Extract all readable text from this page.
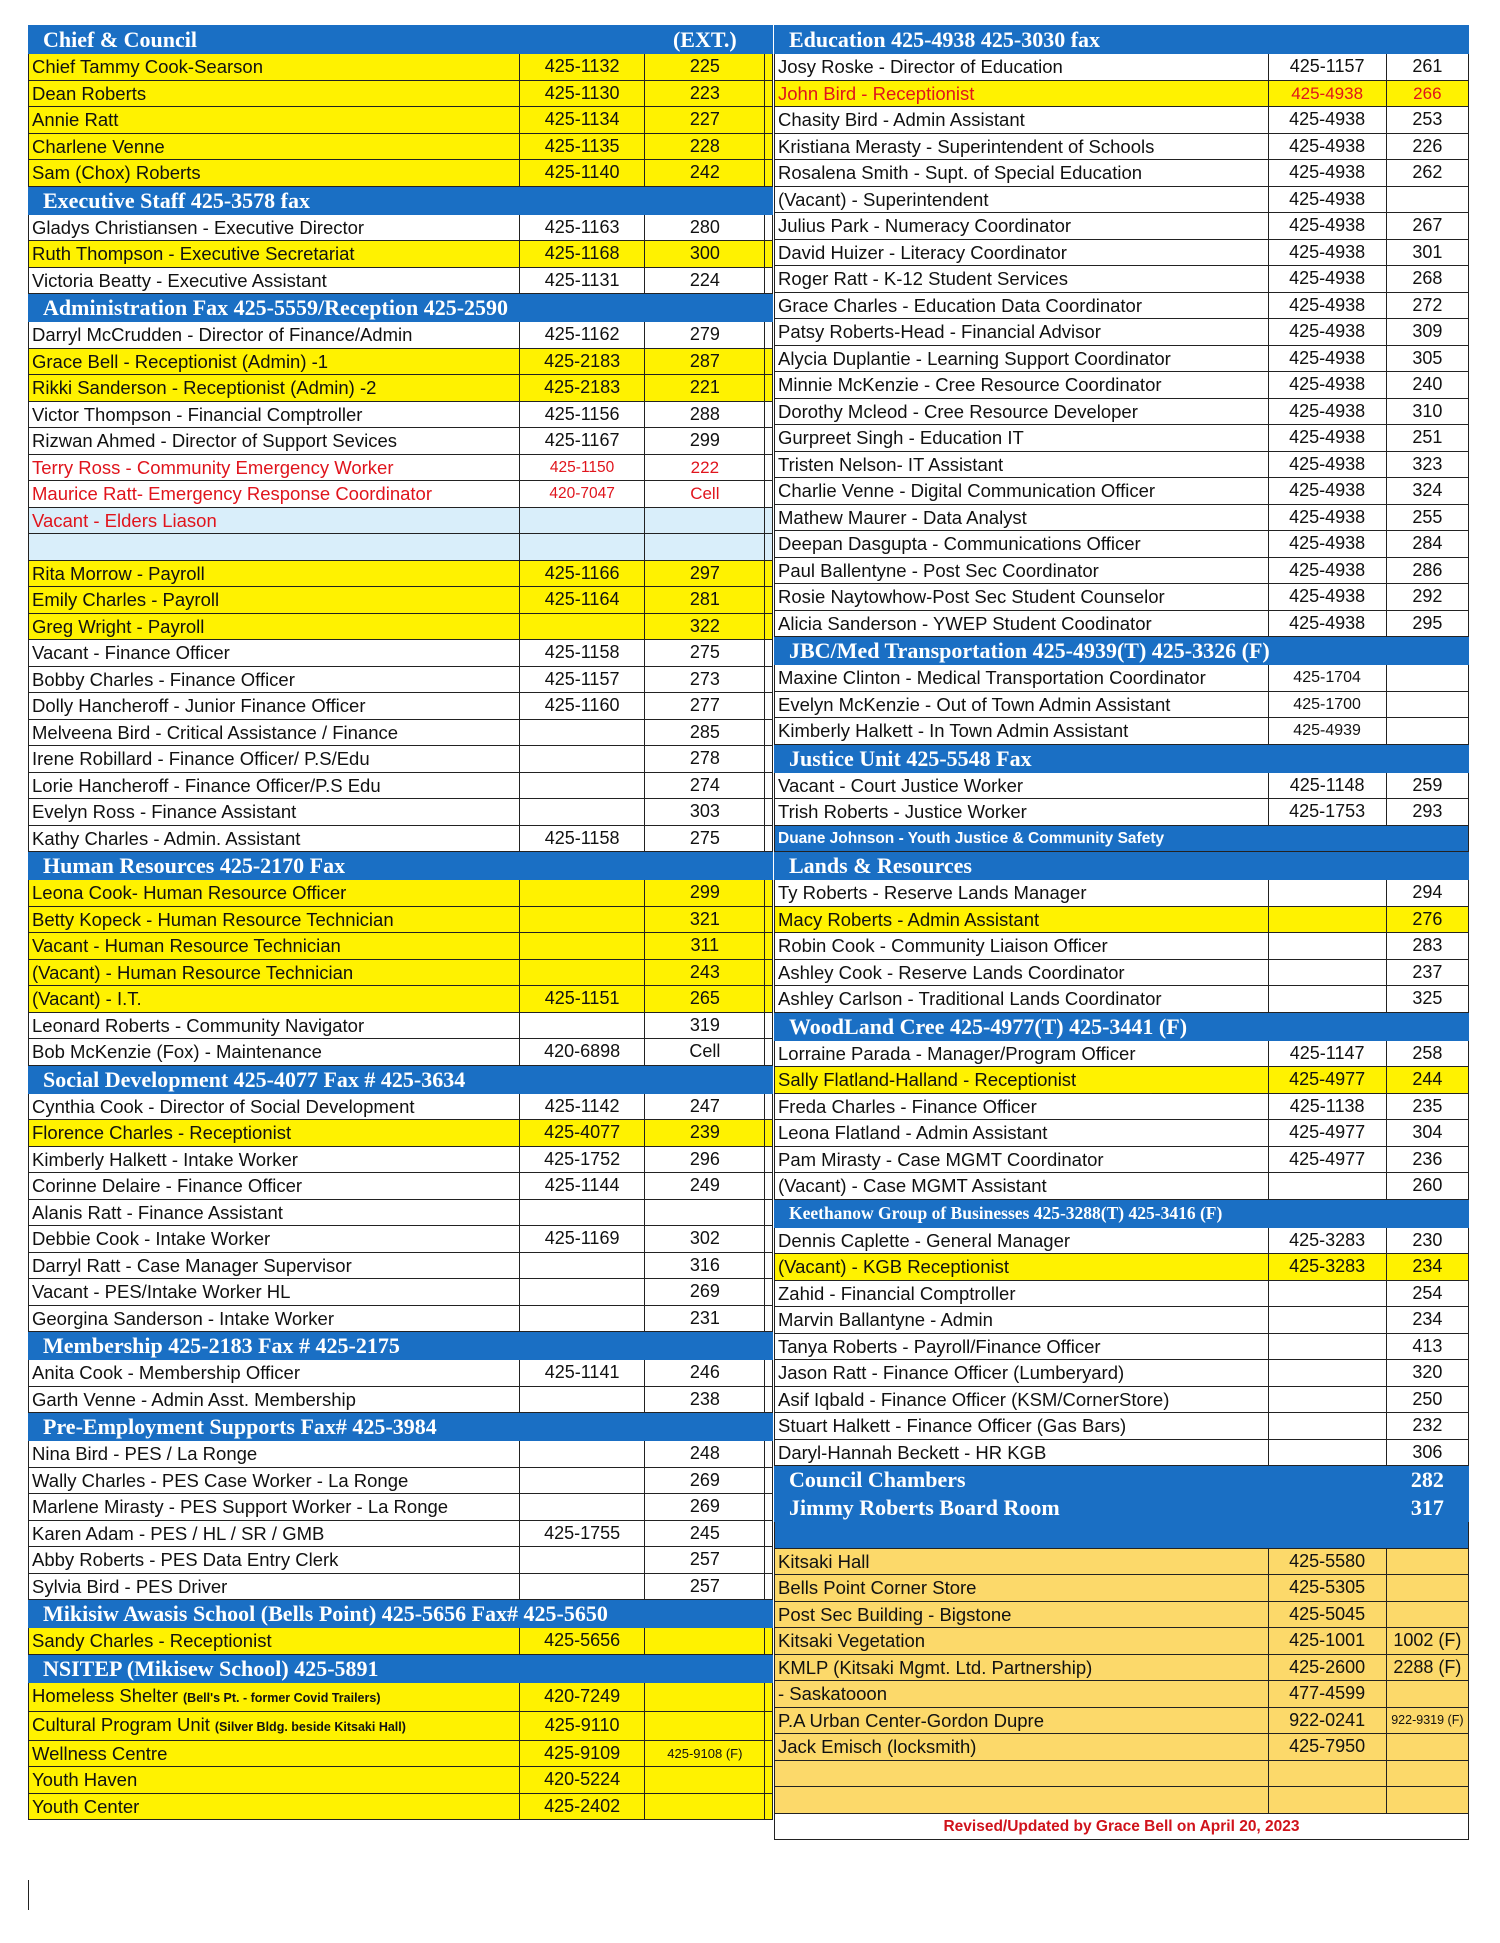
Chief & Council		(EXT.)	
Chief Tammy Cook-Searson	425-1132	225	
Dean Roberts	425-1130	223	
Annie Ratt	425-1134	227	
Charlene Venne	425-1135	228	
Sam (Chox) Roberts	425-1140	242	
Executive Staff 425-3578 fax			
Gladys Christiansen - Executive Director	425-1163	280	
Ruth Thompson - Executive Secretariat	425-1168	300	
Victoria Beatty - Executive Assistant	425-1131	224	
Administration Fax 425-5559/Reception 425-2590			
Darryl McCrudden - Director of Finance/Admin	425-1162	279	
Grace Bell - Receptionist (Admin) -1	425-2183	287	
Rikki Sanderson - Receptionist (Admin) -2	425-2183	221	
Victor Thompson - Financial Comptroller	425-1156	288	
Rizwan Ahmed - Director of Support Sevices	425-1167	299	
Terry Ross - Community Emergency Worker	425-1150	222	
Maurice Ratt- Emergency Response Coordinator	420-7047	Cell	
Vacant - Elders Liason			

Rita Morrow - Payroll	425-1166	297	
Emily Charles - Payroll	425-1164	281	
Greg Wright - Payroll		322	
Vacant - Finance Officer	425-1158	275	
Bobby Charles - Finance Officer	425-1157	273	
Dolly Hancheroff - Junior Finance Officer	425-1160	277	
Melveena Bird - Critical Assistance / Finance		285	
Irene Robillard - Finance Officer/ P.S/Edu		278	
Lorie Hancheroff - Finance Officer/P.S Edu		274	
Evelyn Ross - Finance Assistant		303	
Kathy Charles - Admin. Assistant	425-1158	275	
Human Resources 425-2170 Fax			
Leona Cook- Human Resource Officer		299	
Betty Kopeck - Human Resource Technician		321	
Vacant - Human Resource Technician		311	
(Vacant) - Human Resource Technician		243	
(Vacant) - I.T.	425-1151	265	
Leonard Roberts - Community Navigator		319	
Bob McKenzie (Fox) - Maintenance	420-6898	Cell	
Social Development 425-4077 Fax # 425-3634			
Cynthia Cook - Director of Social Development	425-1142	247	
Florence Charles - Receptionist	425-4077	239	
Kimberly Halkett - Intake Worker	425-1752	296	
Corinne Delaire - Finance Officer	425-1144	249	
Alanis Ratt - Finance Assistant			
Debbie Cook - Intake Worker	425-1169	302	
Darryl Ratt - Case Manager Supervisor		316	
Vacant - PES/Intake Worker HL		269	
Georgina Sanderson - Intake Worker		231	
Membership 425-2183 Fax # 425-2175			
Anita Cook - Membership Officer	425-1141	246	
Garth Venne - Admin Asst. Membership		238	
Pre-Employment Supports Fax# 425-3984			
Nina Bird - PES / La Ronge		248	
Wally Charles - PES Case Worker - La Ronge		269	
Marlene Mirasty - PES Support Worker - La Ronge		269	
Karen Adam - PES / HL / SR / GMB	425-1755	245	
Abby Roberts - PES Data Entry Clerk		257	
Sylvia Bird - PES Driver		257	
Mikisiw Awasis School (Bells Point) 425-5656 Fax# 425-5650			
Sandy Charles - Receptionist	425-5656		
NSITEP (Mikisew School) 425-5891			
Homeless Shelter (Bell's Pt. - former Covid Trailers)	420-7249		
Cultural Program Unit (Silver Bldg. beside Kitsaki Hall)	425-9110		
Wellness Centre	425-9109	425-9108 (F)	
Youth Haven	420-5224		
Youth Center	425-2402		
Education 425-4938 425-3030 fax		
Josy Roske - Director of Education	425-1157	261
John Bird - Receptionist	425-4938	266
Chasity Bird - Admin Assistant	425-4938	253
Kristiana Merasty - Superintendent of Schools	425-4938	226
Rosalena Smith - Supt. of Special Education	425-4938	262
(Vacant) - Superintendent	425-4938	
Julius Park - Numeracy Coordinator	425-4938	267
David Huizer - Literacy Coordinator	425-4938	301
Roger Ratt - K-12 Student Services	425-4938	268
Grace Charles - Education Data Coordinator	425-4938	272
Patsy Roberts-Head - Financial Advisor	425-4938	309
Alycia Duplantie - Learning Support Coordinator	425-4938	305
Minnie McKenzie - Cree Resource Coordinator	425-4938	240
Dorothy Mcleod - Cree Resource Developer	425-4938	310
Gurpreet Singh - Education IT	425-4938	251
Tristen Nelson- IT Assistant	425-4938	323
Charlie Venne - Digital Communication Officer	425-4938	324
Mathew Maurer - Data Analyst	425-4938	255
Deepan Dasgupta - Communications Officer	425-4938	284
Paul Ballentyne - Post Sec Coordinator	425-4938	286
Rosie Naytowhow-Post Sec Student Counselor	425-4938	292
Alicia Sanderson - YWEP Student Coodinator	425-4938	295
JBC/Med Transportation 425-4939(T) 425-3326 (F)		
Maxine Clinton - Medical Transportation Coordinator	425-1704	
Evelyn McKenzie - Out of Town Admin Assistant	425-1700	
Kimberly Halkett - In Town Admin Assistant	425-4939	
Justice Unit 425-5548 Fax		
Vacant - Court Justice Worker	425-1148	259
Trish Roberts - Justice Worker	425-1753	293
Duane Johnson - Youth Justice & Community Safety		
Lands & Resources		
Ty Roberts - Reserve Lands Manager		294
Macy Roberts - Admin Assistant		276
Robin Cook - Community Liaison Officer		283
Ashley Cook - Reserve Lands Coordinator		237
Ashley Carlson - Traditional Lands Coordinator		325
WoodLand Cree 425-4977(T) 425-3441 (F)		
Lorraine Parada - Manager/Program Officer	425-1147	258
Sally Flatland-Halland - Receptionist	425-4977	244
Freda Charles - Finance Officer	425-1138	235
Leona Flatland - Admin Assistant	425-4977	304
Pam Mirasty - Case MGMT Coordinator	425-4977	236
(Vacant) - Case MGMT Assistant		260
Keethanow Group of Businesses 425-3288(T) 425-3416 (F)		
Dennis Caplette - General Manager	425-3283	230
(Vacant) - KGB Receptionist	425-3283	234
Zahid - Financial Comptroller		254
Marvin Ballantyne - Admin		234
Tanya Roberts - Payroll/Finance Officer		413
Jason Ratt - Finance Officer (Lumberyard)		320
Asif Iqbald - Finance Officer (KSM/CornerStore)		250
Stuart Halkett - Finance Officer (Gas Bars)		232
Daryl-Hannah Beckett - HR KGB		306
Council Chambers		282
Jimmy Roberts Board Room		317

Kitsaki Hall	425-5580	
Bells Point Corner Store	425-5305	
Post Sec Building - Bigstone	425-5045	
Kitsaki Vegetation	425-1001	1002 (F)
KMLP (Kitsaki Mgmt. Ltd. Partnership)	425-2600	2288 (F)
- Saskatooon	477-4599	
P.A Urban Center-Gordon Dupre	922-0241	922-9319 (F)
Jack Emisch (locksmith)	425-7950	

Revised/Updated by Grace Bell on April 20, 2023		
